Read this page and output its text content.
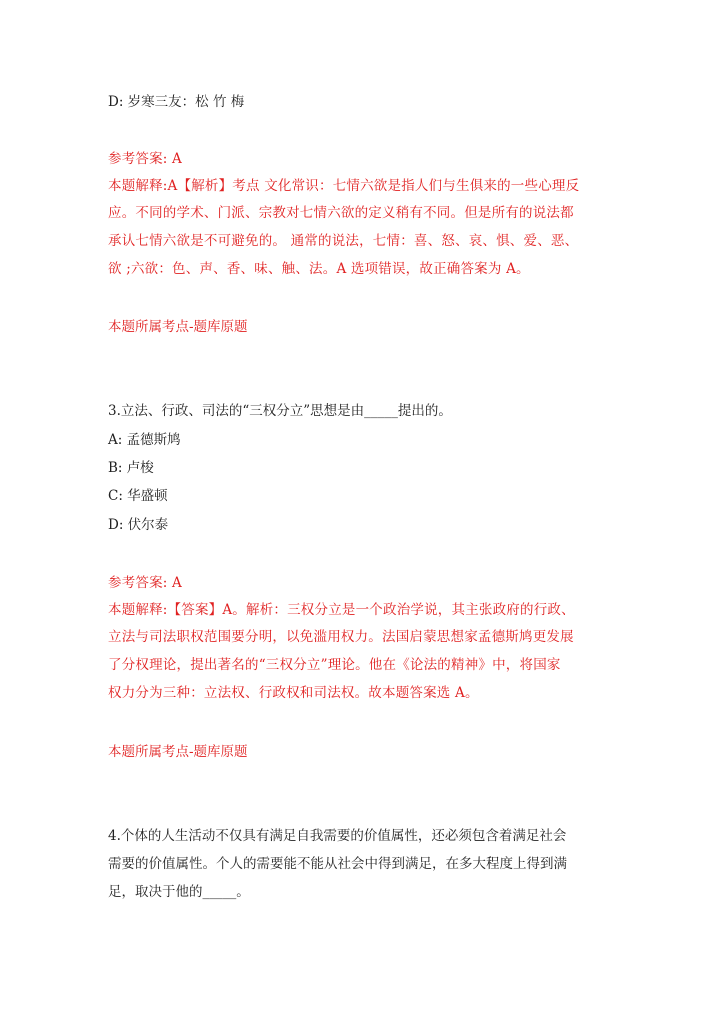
D: 岁寒三友：松 竹 梅
参考答案: A
本题解释:A【解析】考点 文化常识：七情六欲是指人们与生俱来的一些心理反
应。不同的学术、门派、宗教对七情六欲的定义稍有不同。但是所有的说法都
承认七情六欲是不可避免的。 通常的说法，七情：喜、怒、哀、惧、爱、恶、
欲 ;六欲：色、声、香、味、触、法。A 选项错误，故正确答案为 A。
本题所属考点-题库原题
3.立法、行政、司法的“三权分立”思想是由_____提出的。
A: 孟德斯鸠
B: 卢梭
C: 华盛顿
D: 伏尔泰
参考答案: A
本题解释:【答案】A。解析：三权分立是一个政治学说，其主张政府的行政、
立法与司法职权范围要分明，以免滥用权力。法国启蒙思想家孟德斯鸠更发展
了分权理论，提出著名的“三权分立”理论。他在《论法的精神》中，将国家
权力分为三种：立法权、行政权和司法权。故本题答案选 A。
本题所属考点-题库原题
4.个体的人生活动不仅具有满足自我需要的价值属性，还必须包含着满足社会
需要的价值属性。个人的需要能不能从社会中得到满足，在多大程度上得到满
足，取决于他的_____。
